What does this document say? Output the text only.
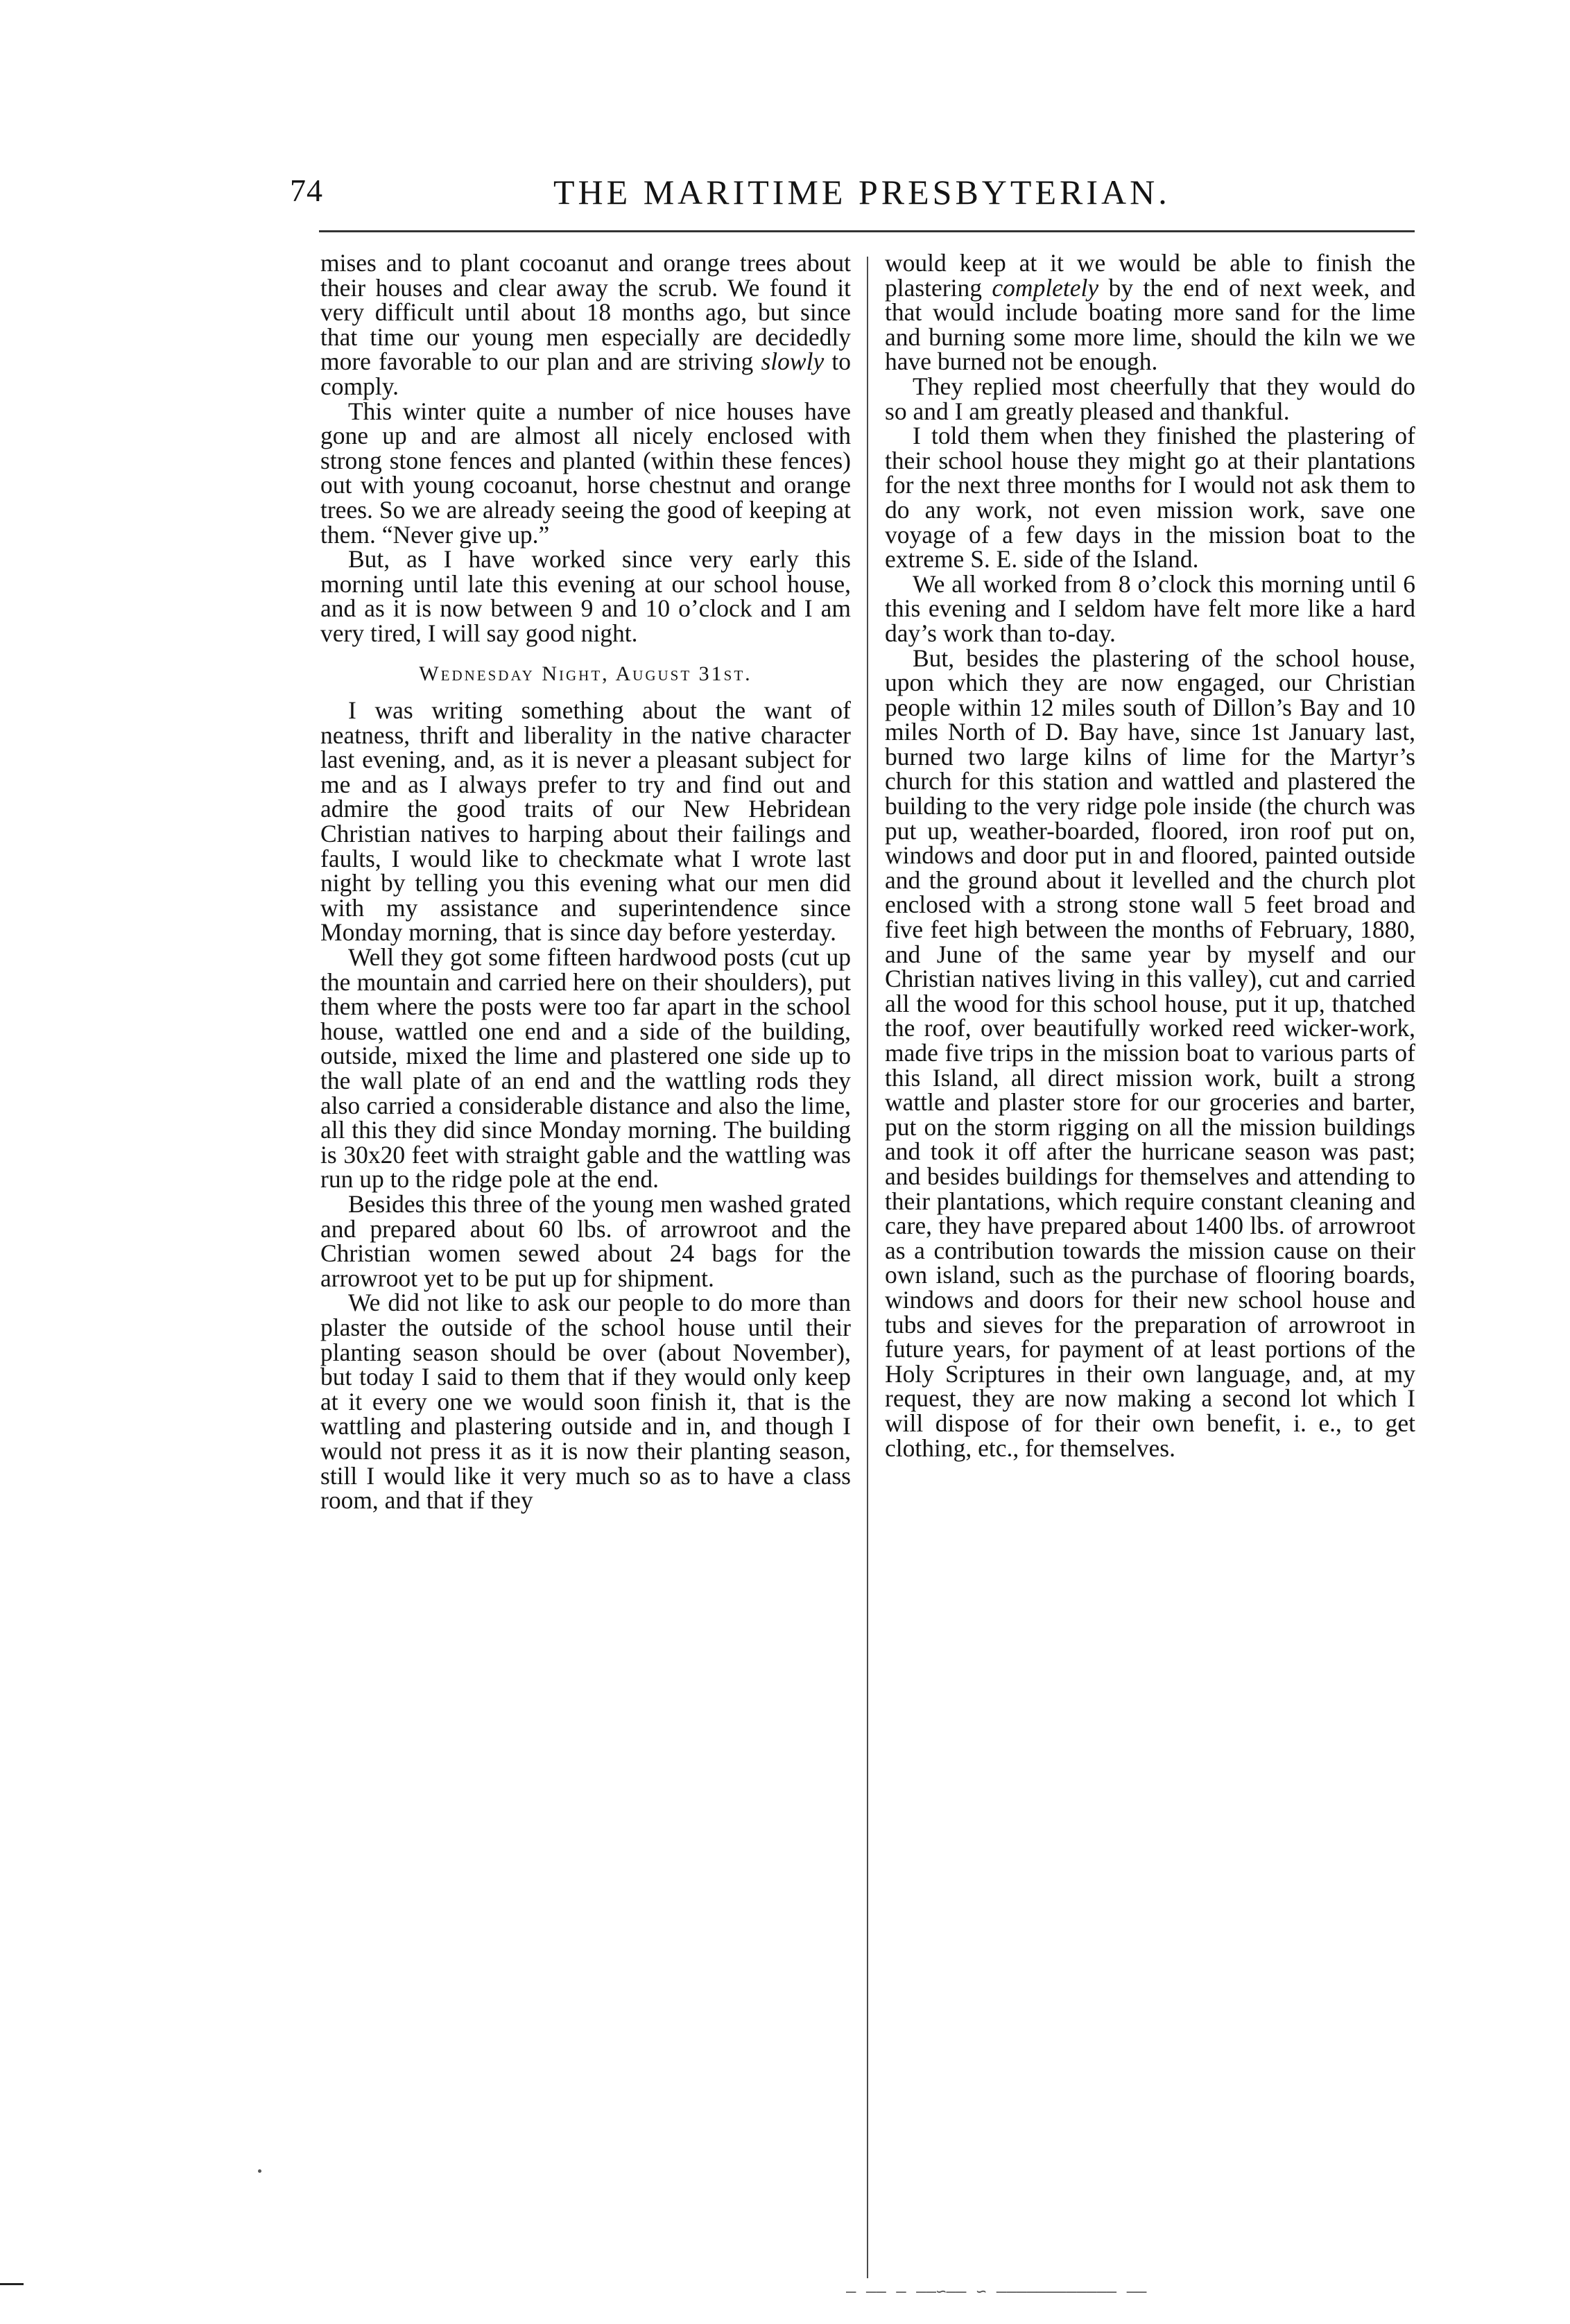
74	THE MARITIME PRESBYTERIAN.

mises and to plant cocoanut and orange trees about their houses and clear away the scrub. We found it very difficult until about 18 months ago, but since that time our young men especially are decidedly more favorable to our plan and are striving slowly to comply.

This winter quite a number of nice houses have gone up and are almost all nicely enclosed with strong stone fences and planted (within these fences) out with young cocoanut, horse chestnut and orange trees. So we are already seeing the good of keeping at them. “Never give up.”

But, as I have worked since very early this morning until late this evening at our school house, and as it is now between 9 and 10 o’clock and I am very tired, I will say good night.

Wednesday Night, August 31st.

I was writing something about the want of neatness, thrift and liberality in the native character last evening, and, as it is never a pleasant subject for me and as I always prefer to try and find out and admire the good traits of our New Hebridean Christian natives to harping about their failings and faults, I would like to checkmate what I wrote last night by telling you this evening what our men did with my assistance and superintendence since Monday morning, that is since day before yesterday.

Well they got some fifteen hardwood posts (cut up the mountain and carried here on their shoulders), put them where the posts were too far apart in the school house, wattled one end and a side of the building, outside, mixed the lime and plastered one side up to the wall plate of an end and the wattling rods they also carried a considerable distance and also the lime, all this they did since Monday morning. The building is 30x20 feet with straight gable and the wattling was run up to the ridge pole at the end.

Besides this three of the young men washed grated and prepared about 60 lbs. of arrowroot and the Christian women sewed about 24 bags for the arrowroot yet to be put up for shipment.

We did not like to ask our people to do more than plaster the outside of the school house until their planting season should be over (about November), but today I said to them that if they would only keep at it every one we would soon finish it, that is the wattling and plastering outside and in, and though I would not press it as it is now their planting season, still I would like it very much so as to have a class room, and that if they

would keep at it we would be able to finish the plastering completely by the end of next week, and that would include boating more sand for the lime and burning some more lime, should the kiln we we have burned not be enough.

They replied most cheerfully that they would do so and I am greatly pleased and thankful.

I told them when they finished the plastering of their school house they might go at their plantations for the next three months for I would not ask them to do any work, not even mission work, save one voyage of a few days in the mission boat to the extreme S. E. side of the Island.

We all worked from 8 o’clock this morning until 6 this evening and I seldom have felt more like a hard day’s work than to-day.

But, besides the plastering of the school house, upon which they are now engaged, our Christian people within 12 miles south of Dillon’s Bay and 10 miles North of D. Bay have, since 1st January last, burned two large kilns of lime for the Martyr’s church for this station and wattled and plastered the building to the very ridge pole inside (the church was put up, weather-boarded, floored, iron roof put on, windows and door put in and floored, painted outside and the ground about it levelled and the church plot enclosed with a strong stone wall 5 feet broad and five feet high between the months of February, 1880, and June of the same year by myself and our Christian natives living in this valley), cut and carried all the wood for this school house, put it up, thatched the roof, over beautifully worked reed wicker-work, made five trips in the mission boat to various parts of this Island, all direct mission work, built a strong wattle and plaster store for our groceries and barter, put on the storm rigging on all the mission buildings and took it off after the hurricane season was past; and besides buildings for themselves and attending to their plantations, which require constant cleaning and care, they have prepared about 1400 lbs. of arrowroot as a contribution towards the mission cause on their own island, such as the purchase of flooring boards, windows and doors for their new school house and tubs and sieves for the preparation of arrowroot in future years, for payment of at least portions of the Holy Scriptures in their own language, and, at my request, they are now making a second lot which I will dispose of for their own benefit, i. e., to get clothing, etc., for themselves.

— —— — ——∽—— ∽ ———————————— ——
